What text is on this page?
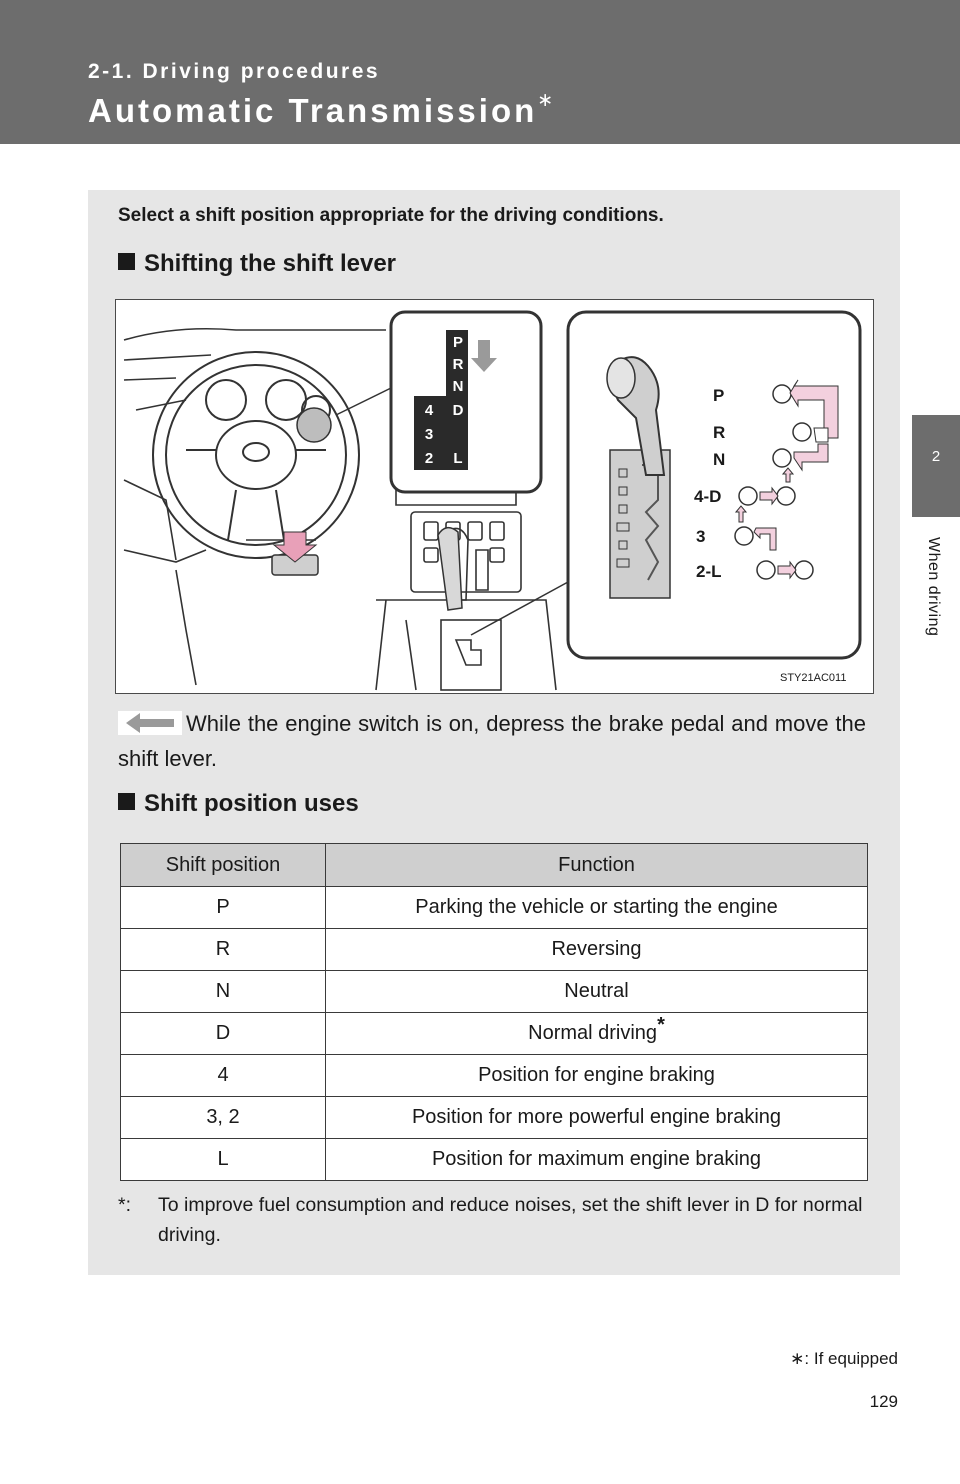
2-1. Driving procedures
Automatic Transmission∗
2
When driving
Select a shift position appropriate for the driving conditions.
Shifting the shift lever
P
R
N
4 D
3
2 L
P
R
N
4-D
3
2-L
STY21AC011
While the engine switch is on, depress the brake pedal and move the shift lever.
Shift position uses
Shift position	Function
P	Parking the vehicle or starting the engine
R	Reversing
N	Neutral
D	Normal driving*
4	Position for engine braking
3, 2	Position for more powerful engine braking
L	Position for maximum engine braking
*: To improve fuel consumption and reduce noises, set the shift lever in D for normal driving.
∗: If equipped
129
